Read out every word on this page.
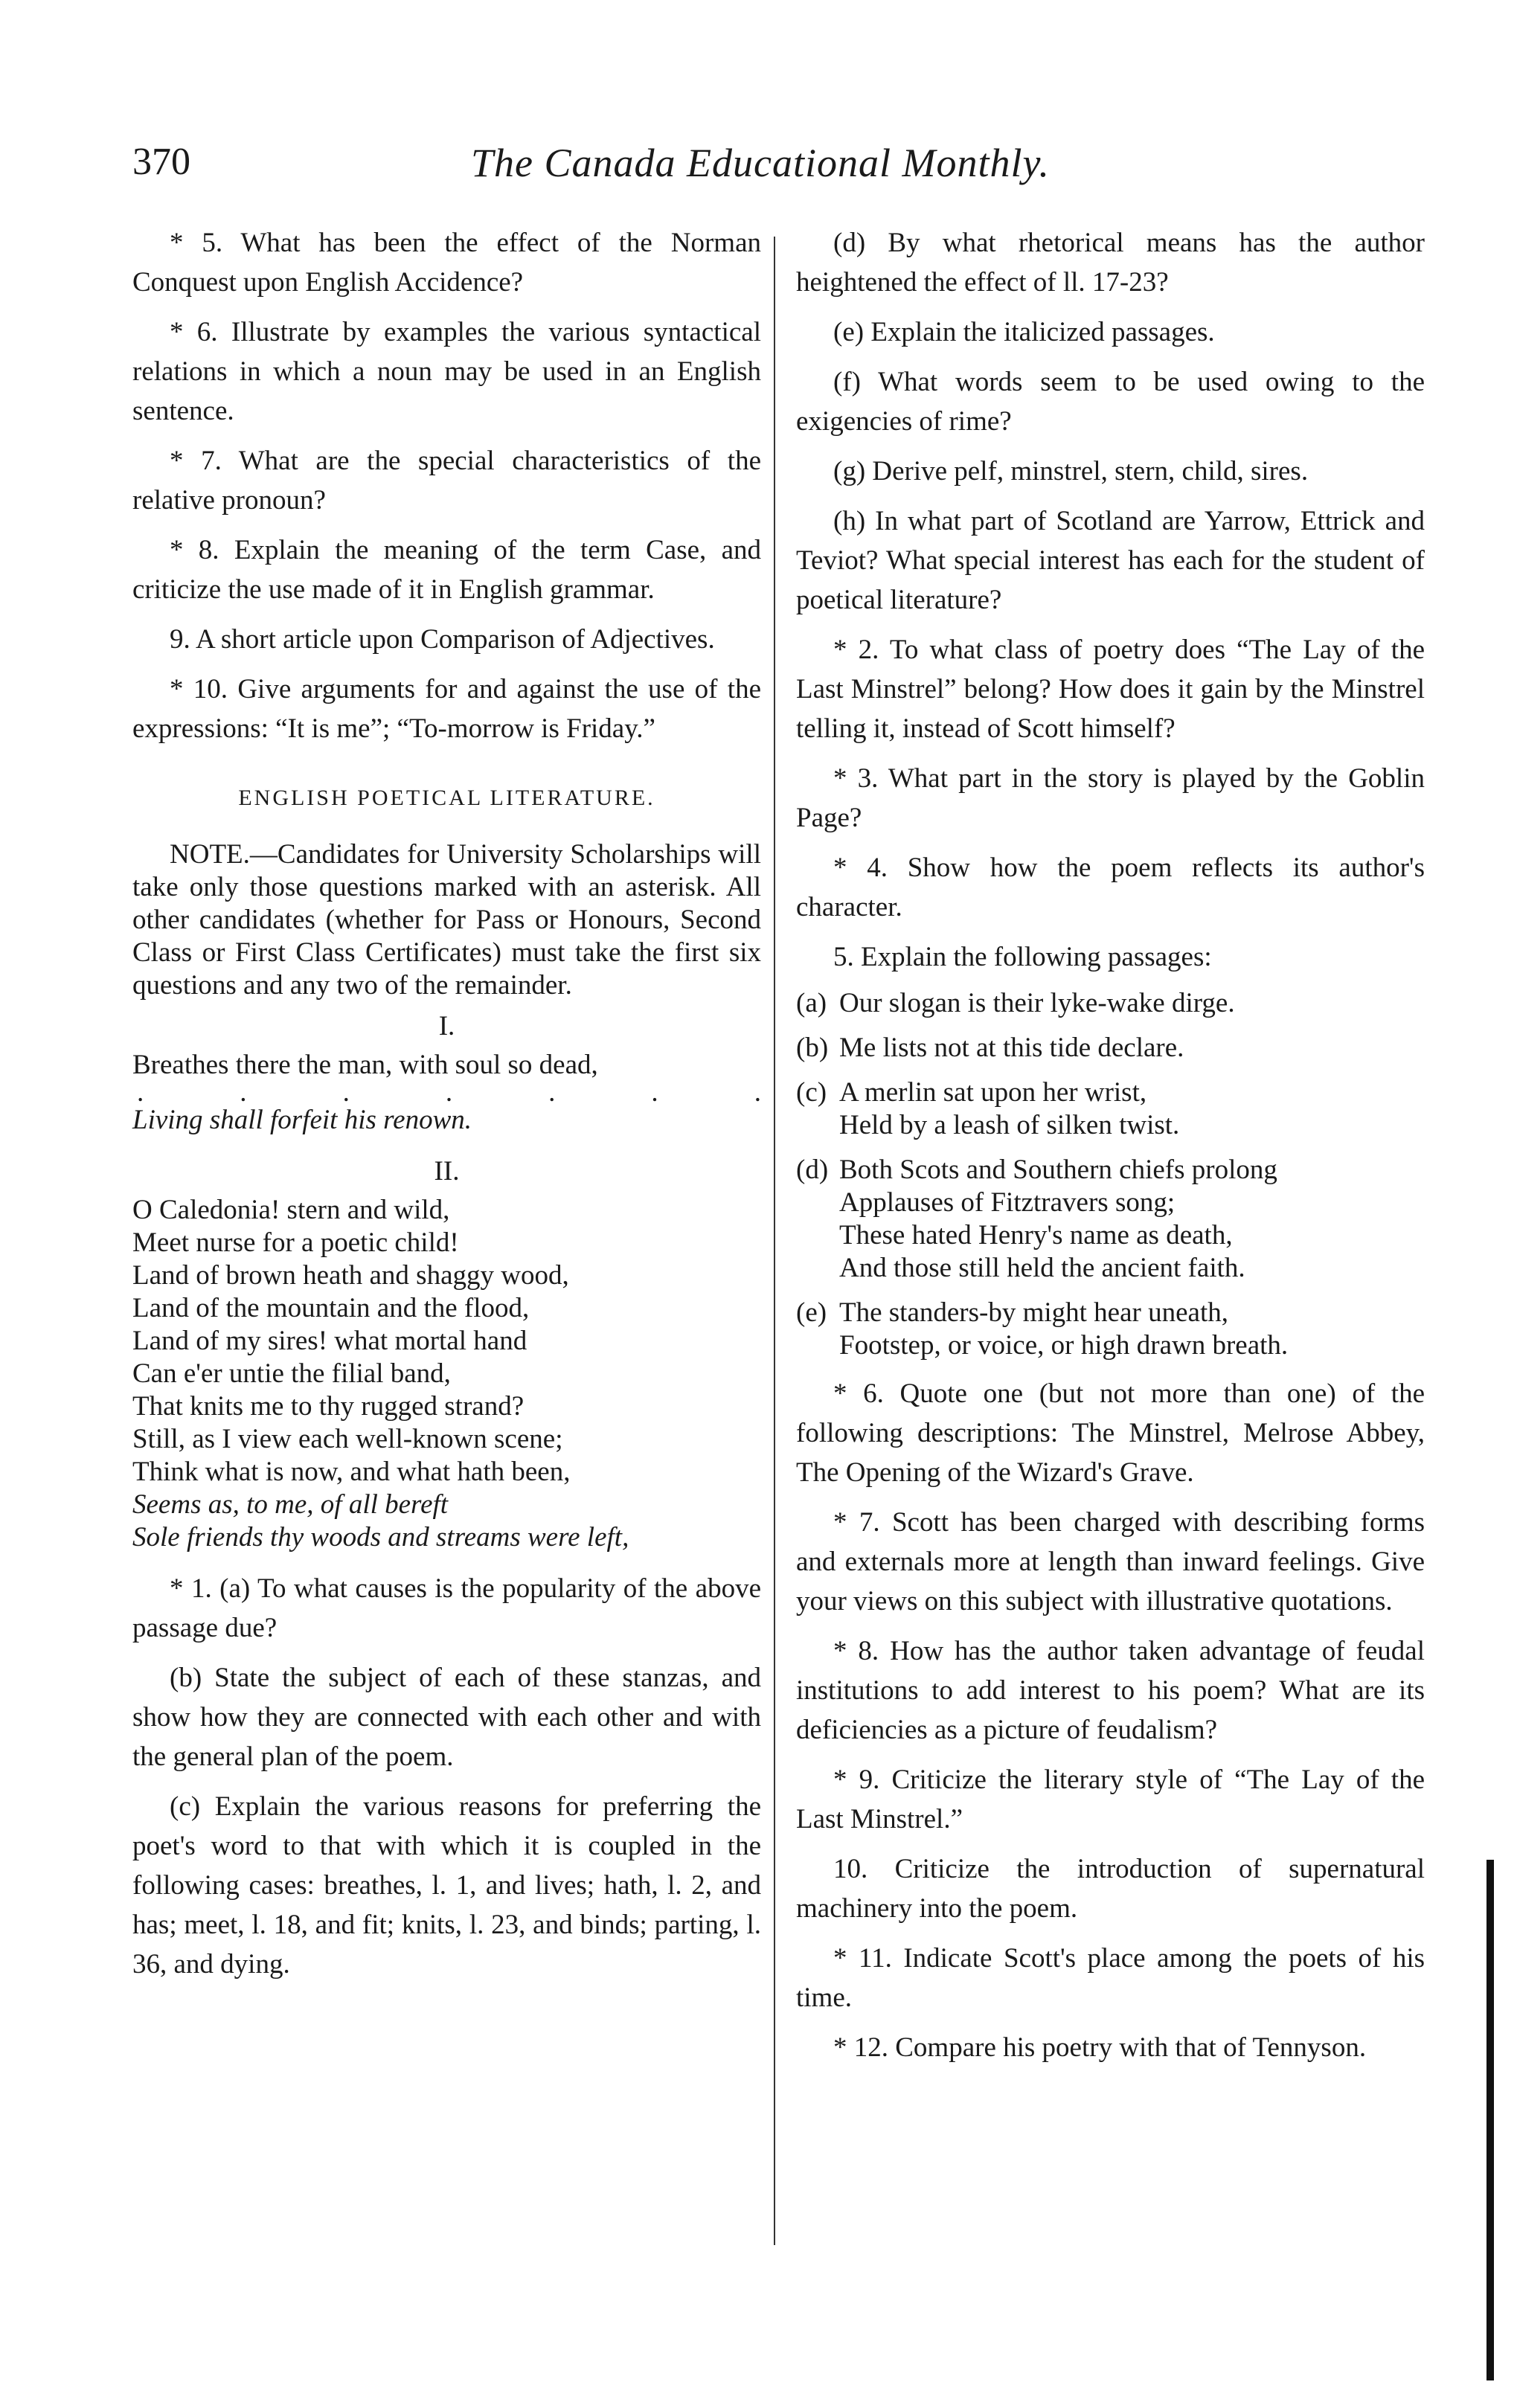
370	The Canada Educational Monthly.

* 5. What has been the effect of the Norman Conquest upon English Accidence?

* 6. Illustrate by examples the various syntactical relations in which a noun may be used in an English sentence.

* 7. What are the special characteristics of the relative pronoun?

* 8. Explain the meaning of the term Case, and criticize the use made of it in English grammar.

9. A short article upon Comparison of Adjectives.

* 10. Give arguments for and against the use of the expressions: “It is me”; “To-morrow is Friday.”

ENGLISH POETICAL LITERATURE.

NOTE.—Candidates for University Scholarships will take only those questions marked with an asterisk. All other candidates (whether for Pass or Honours, Second Class or First Class Certificates) must take the first six questions and any two of the remainder.

I.
Breathes there the man, with soul so dead,
.	.	.	.	.	.	.
Living shall forfeit his renown.
II.
O Caledonia! stern and wild,
Meet nurse for a poetic child!
Land of brown heath and shaggy wood,
Land of the mountain and the flood,
Land of my sires! what mortal hand
Can e'er untie the filial band,
That knits me to thy rugged strand?
Still, as I view each well-known scene;
Think what is now, and what hath been,
Seems as, to me, of all bereft
Sole friends thy woods and streams were left,

* 1. (a) To what causes is the popularity of the above passage due?

(b) State the subject of each of these stanzas, and show how they are connected with each other and with the general plan of the poem.

(c) Explain the various reasons for preferring the poet's word to that with which it is coupled in the following cases: breathes, l. 1, and lives; hath, l. 2, and has; meet, l. 18, and fit; knits, l. 23, and binds; parting, l. 36, and dying.

(d) By what rhetorical means has the author heightened the effect of ll. 17-23?

(e) Explain the italicized passages.

(f) What words seem to be used owing to the exigencies of rime?

(g) Derive pelf, minstrel, stern, child, sires.

(h) In what part of Scotland are Yarrow, Ettrick and Teviot? What special interest has each for the student of poetical literature?

* 2. To what class of poetry does “The Lay of the Last Minstrel” belong? How does it gain by the Minstrel telling it, instead of Scott himself?

* 3. What part in the story is played by the Goblin Page?

* 4. Show how the poem reflects its author's character.

5. Explain the following passages:

(a) Our slogan is their lyke-wake dirge.
(b) Me lists not at this tide declare.
(c) A merlin sat upon her wrist,
Held by a leash of silken twist.
(d) Both Scots and Southern chiefs prolong
Applauses of Fitztravers song;
These hated Henry's name as death,
And those still held the ancient faith.
(e) The standers-by might hear uneath,
Footstep, or voice, or high drawn breath.

* 6. Quote one (but not more than one) of the following descriptions: The Minstrel, Melrose Abbey, The Opening of the Wizard's Grave.

* 7. Scott has been charged with describing forms and externals more at length than inward feelings. Give your views on this subject with illustrative quotations.

* 8. How has the author taken advantage of feudal institutions to add interest to his poem? What are its deficiencies as a picture of feudalism?

* 9. Criticize the literary style of “The Lay of the Last Minstrel.”

10. Criticize the introduction of supernatural machinery into the poem.

* 11. Indicate Scott's place among the poets of his time.

* 12. Compare his poetry with that of Tennyson.
